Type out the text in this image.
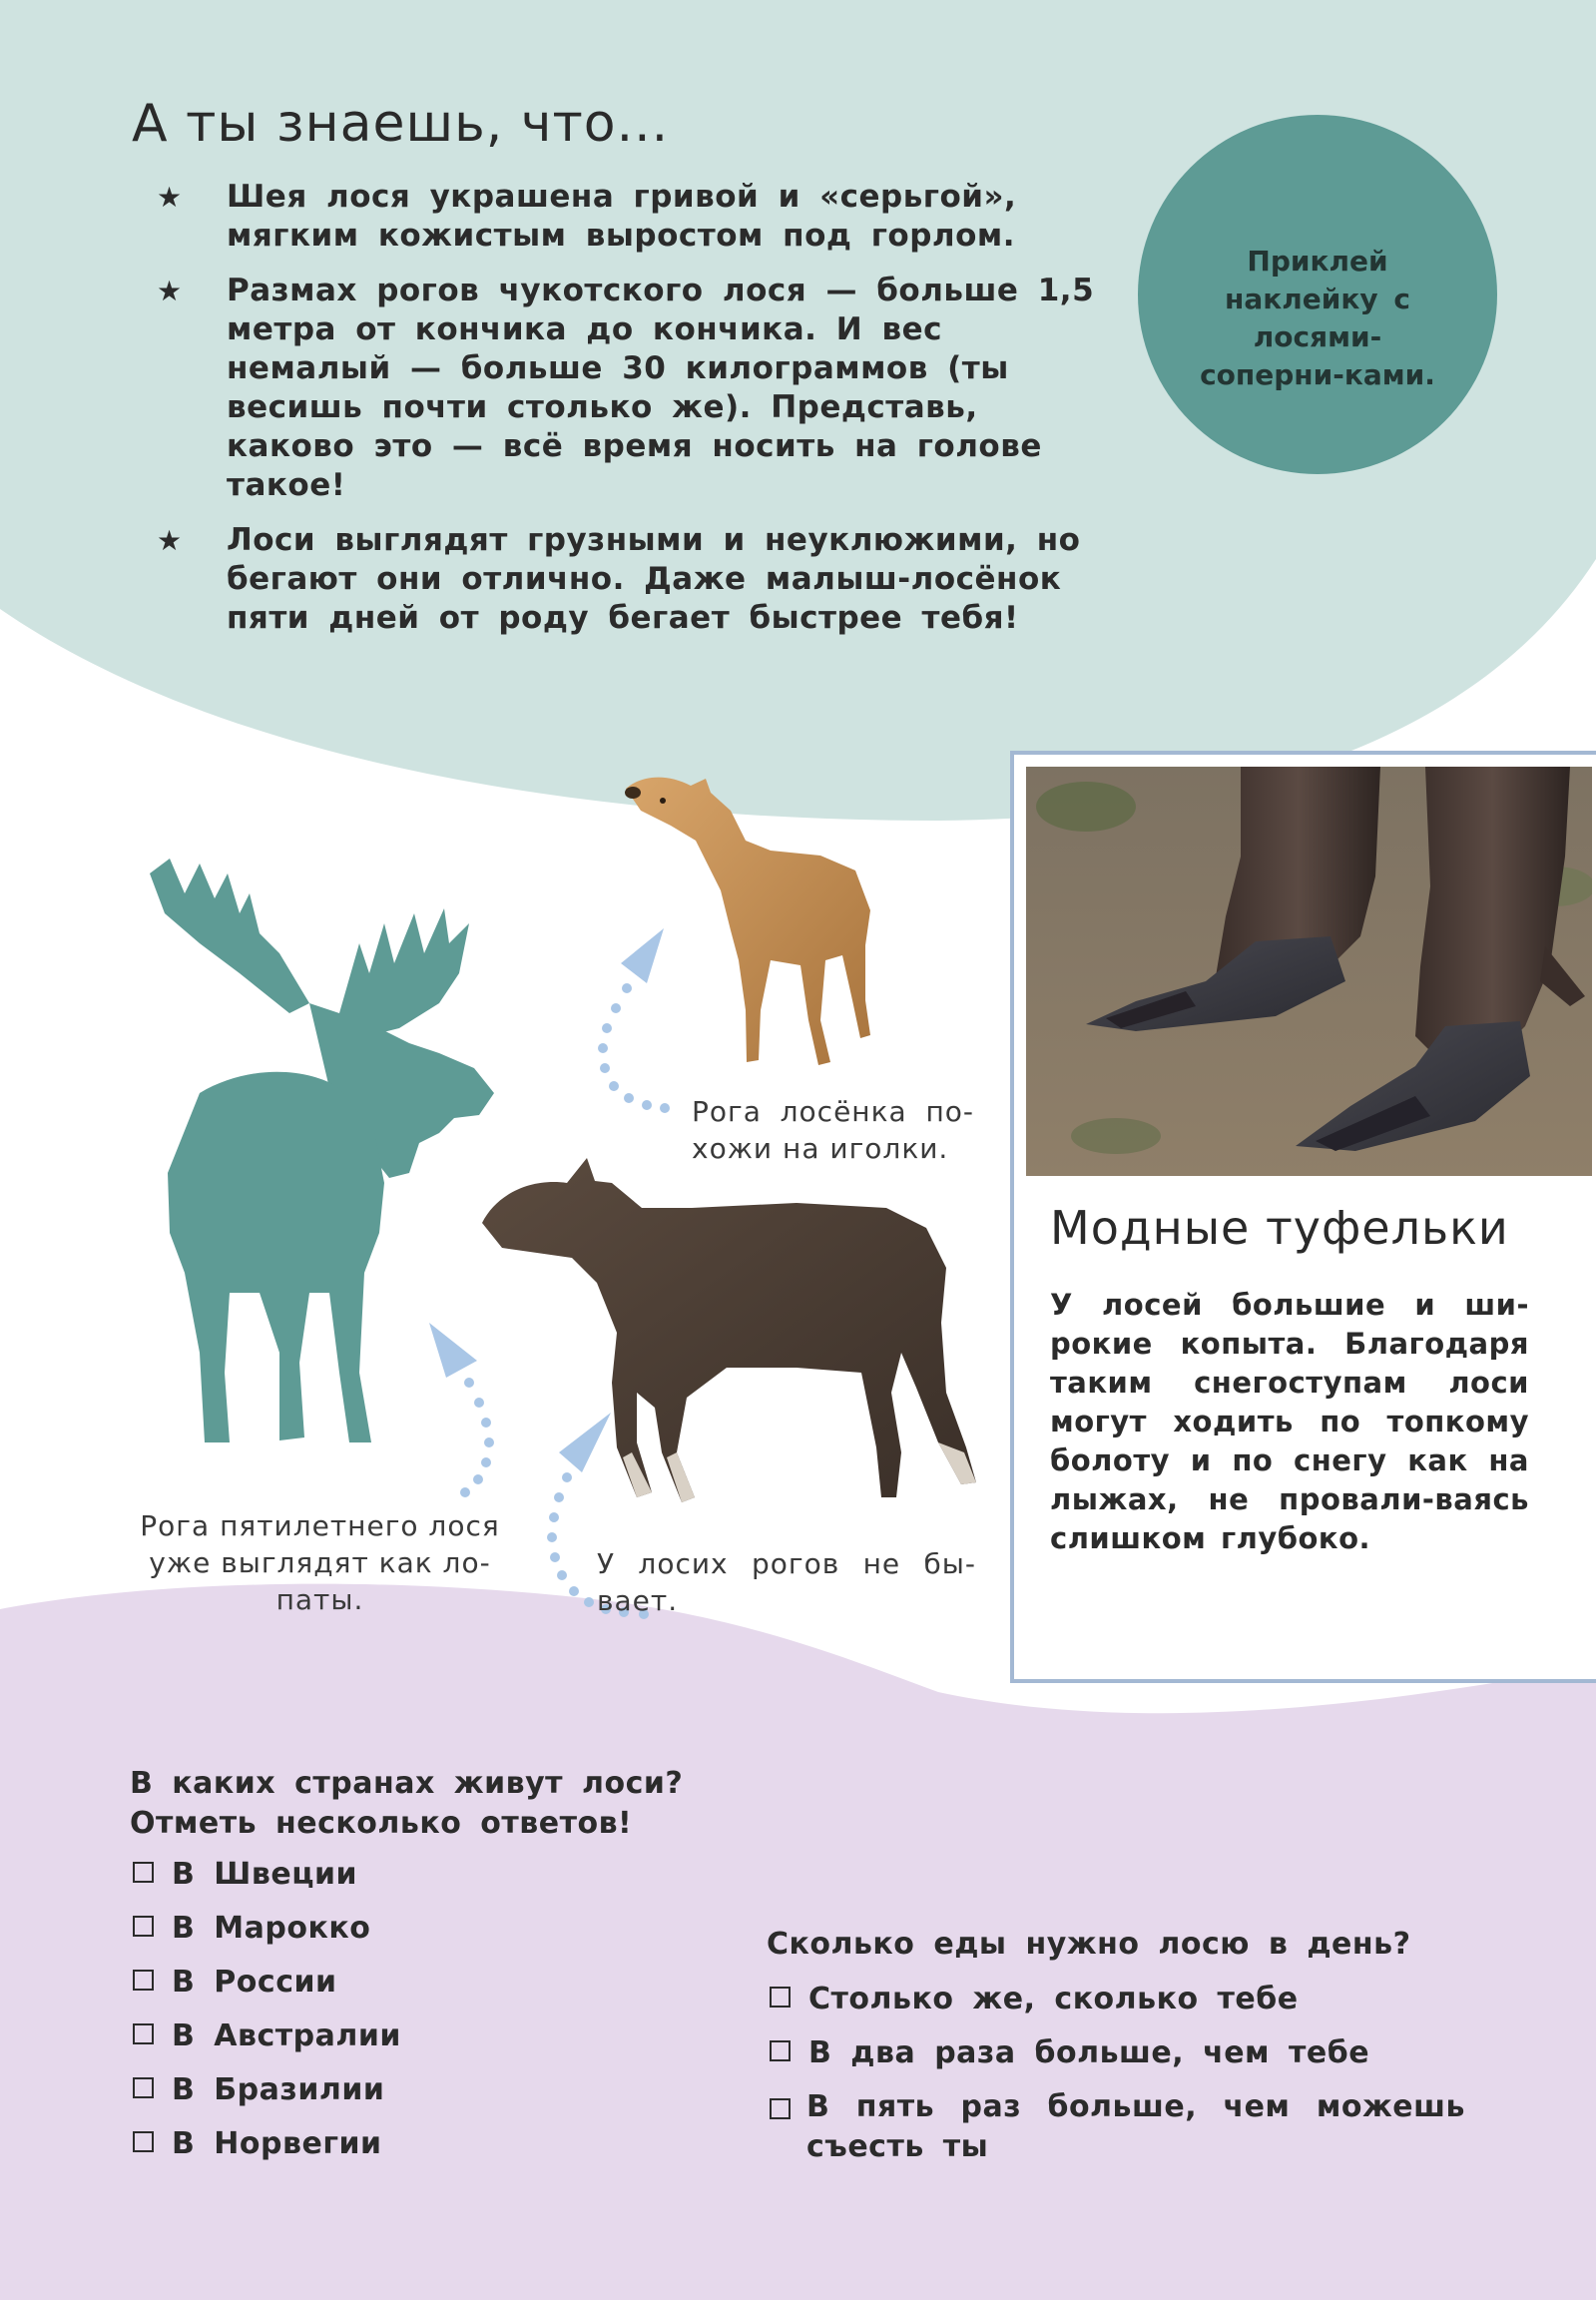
А ты знаешь, что...
★ Шея лося украшена гривой и «серьгой», мягким кожистым выростом под горлом.
★ Размах рогов чукотского лося — больше 1,5 метра от кончика до кончика. И вес немалый — больше 30 килограммов (ты весишь почти столько же). Представь, каково это — всё время носить на голове такое!
★ Лоси выглядят грузными и неуклюжими, но бегают они отлично. Даже малыш-лосёнок пяти дней от роду бегает быстрее тебя!
Приклей наклейку с лосями-соперни-ками.
Рога лосёнка по-хожи на иголки.
Рога пятилетнего лося уже выглядят как ло-паты.
У лосих рогов не бы-вает.
Модные туфельки
У лосей большие и ши-рокие копыта. Благодаря таким снегоступам лоси могут ходить по топкому болоту и по снегу как на лыжах, не провали-ваясь слишком глубоко.
В каких странах живут лоси?
Отметь несколько ответов!
В Швеции
В Марокко
В России
В Австралии
В Бразилии
В Норвегии
Сколько еды нужно лосю в день?
Столько же, сколько тебе
В два раза больше, чем тебе
В пять раз больше, чем можешь съесть ты
